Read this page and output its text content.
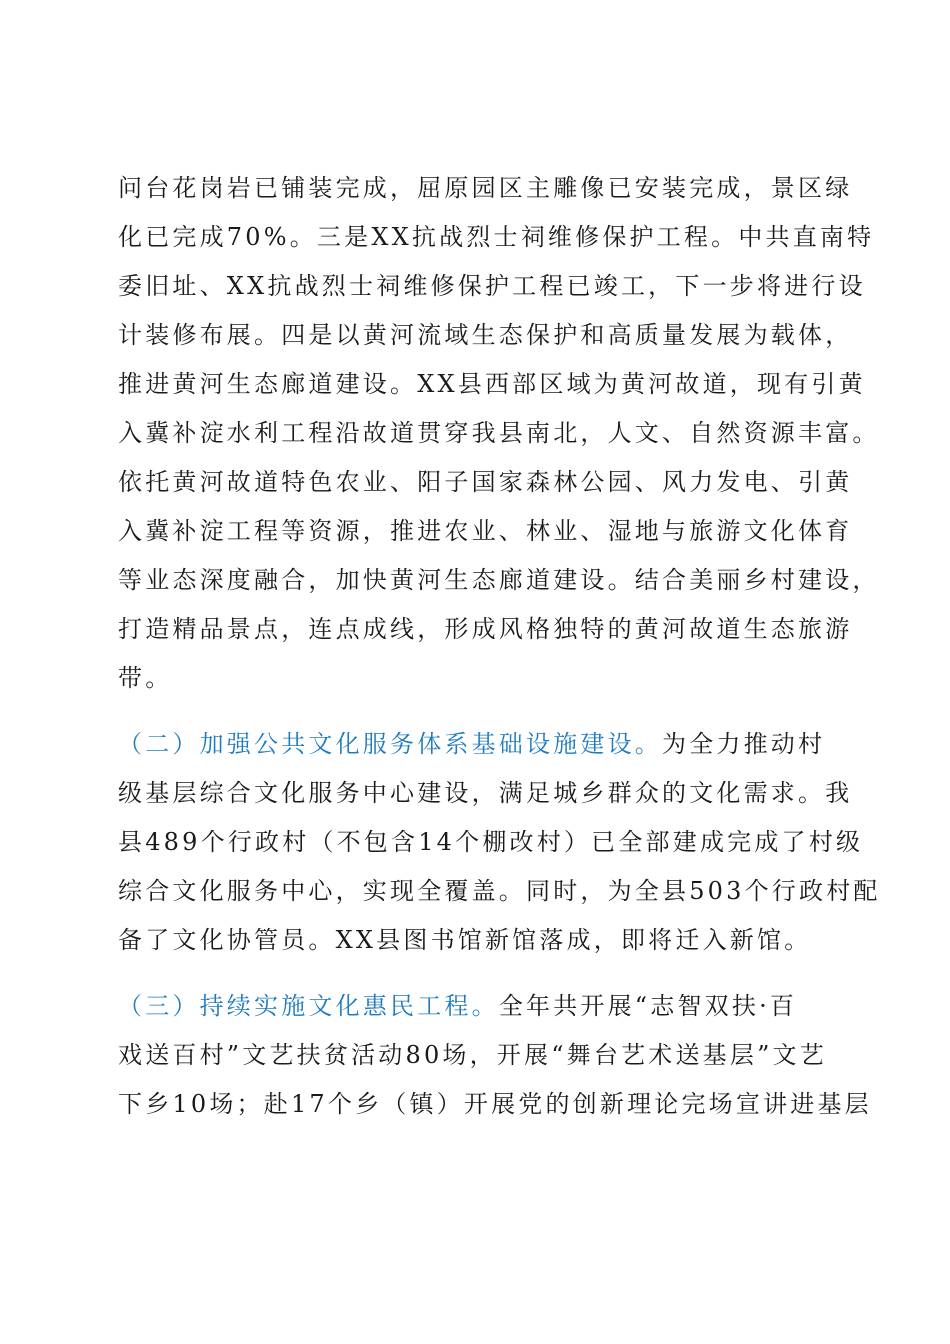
问台花岗岩已铺装完成，屈原园区主雕像已安装完成，景区绿
化已完成70%。三是XX抗战烈士祠维修保护工程。中共直南特
委旧址、XX抗战烈士祠维修保护工程已竣工，下一步将进行设
计装修布展。四是以黄河流域生态保护和高质量发展为载体，
推进黄河生态廊道建设。XX县西部区域为黄河故道，现有引黄
入冀补淀水利工程沿故道贯穿我县南北，人文、自然资源丰富。
依托黄河故道特色农业、阳子国家森林公园、风力发电、引黄
入冀补淀工程等资源，推进农业、林业、湿地与旅游文化体育
等业态深度融合，加快黄河生态廊道建设。结合美丽乡村建设，
打造精品景点，连点成线，形成风格独特的黄河故道生态旅游
带。
（二）加强公共文化服务体系基础设施建设。为全力推动村
级基层综合文化服务中心建设，满足城乡群众的文化需求。我
县489个行政村（不包含14个棚改村）已全部建成完成了村级
综合文化服务中心，实现全覆盖。同时，为全县503个行政村配
备了文化协管员。XX县图书馆新馆落成，即将迁入新馆。
（三）持续实施文化惠民工程。全年共开展“志智双扶·百
戏送百村”文艺扶贫活动80场，开展“舞台艺术送基层”文艺
下乡10场；赴17个乡（镇）开展党的创新理论完场宣讲进基层
